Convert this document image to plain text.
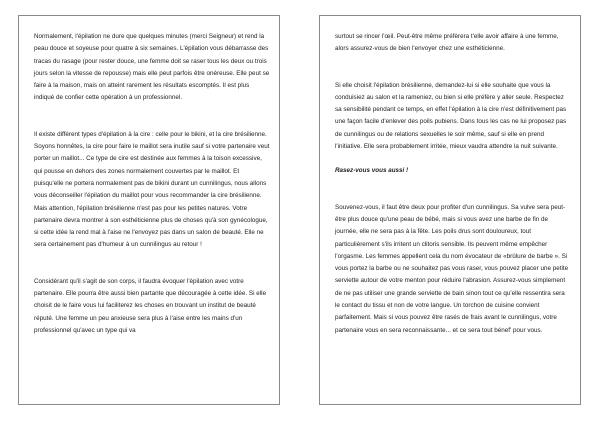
Normalement, l'épilation ne dure que quelques minutes (merci Seigneur) et rend la peau douce et soyeuse pour quatre à six semaines. L'épilation vous débarrasse des tracas du rasage (pour rester douce, une femme doit se raser tous les deux ou trois jours selon la vitesse de repousse) mais elle peut parfois être onéreuse. Elle peut se faire à la maison, mais on atteint rarement les résultats escomptés. Il est plus indiqué de confier cette opération à un professionnel.

Il existe différent types d'épilation à la cire : celle pour le bikini, et la cire brésilienne. Soyons honnêtes, la cire pour faire le maillot sera inutile sauf si votre partenaire veut porter un maillot... Ce type de cire est destinée aux femmes à la toison excessive, qui pousse en dehors des zones normalement couvertes par le maillot. Et puisqu'elle ne portera normalement pas de bikini durant un cunnilingus, nous allons vous déconseiller l'épilation du maillot pour vous recommander la cire brésilienne. Mais attention, l'épilation brésilienne n'est pas pour les petites natures. Votre partenaire devra montrer à son esthéticienne plus de choses qu'à son gynécologue, si cette idée la rend mal à l'aise ne l'envoyez pas dans un salon de beauté. Elle ne sera certainement pas d'humeur à un cunnilingus au retour !

Considérant qu'il s'agit de son corps, il faudra évoquer l'épilation avec votre partenaire. Elle pourra être aussi bien partante que découragée à cette idée. Si elle choisit de le faire vous lui faciliterez les choses en trouvant un institut de beauté réputé. Une femme un peu anxieuse sera plus à l'aise entre les mains d'un professionnel qu'avec un type qui va

surtout se rincer l'œil. Peut-être même préfèrera t'elle avoir affaire à une femme, alors assurez-vous de bien l'envoyer chez une esthéticienne.

Si elle choisit l'épilation brésilienne, demandez-lui si elle souhaite que vous la conduisiez au salon et la rameniez, ou bien si elle préfère y aller seule. Respectez sa sensibilité pendant ce temps, en effet l'épilation à la cire n'est définitivement pas une façon facile d'enlever des poils pubiens. Dans tous les cas ne lui proposez pas de cunnilingus ou de relations sexuelles le soir même, sauf si elle en prend l'initiative. Elle sera probablement irritée, mieux vaudra attendre la nuit suivante.

Rasez-vous vous aussi !

Souvenez-vous, il faut être deux pour profiter d'un cunnilingus. Sa vulve sera peut-être plus douce qu'une peau de bébé, mais si vous avez une barbe de fin de journée, elle ne sera pas à la fête. Les poils drus sont douloureux, tout particulièrement s'ils irritent un clitoris sensible. Ils peuvent même empêcher l'orgasme. Les femmes appellent cela du nom évocateur de «brûlure de barbe ». Si vous portez la barbe ou ne souhaitez pas vous raser, vous pouvez placer une petite serviette autour de votre menton pour réduire l'abrasion. Assurez-vous simplement de ne pas utiliser une grande serviette de bain sinon tout ce qu'elle ressentira sera le contact du tissu et non de votre langue. Un torchon de cuisine convient parfaitement. Mais si vous pouvez être rasés de frais avant le cunnilingus, votre partenaire vous en sera reconnaissante... et ce sera tout bénef' pour vous.
